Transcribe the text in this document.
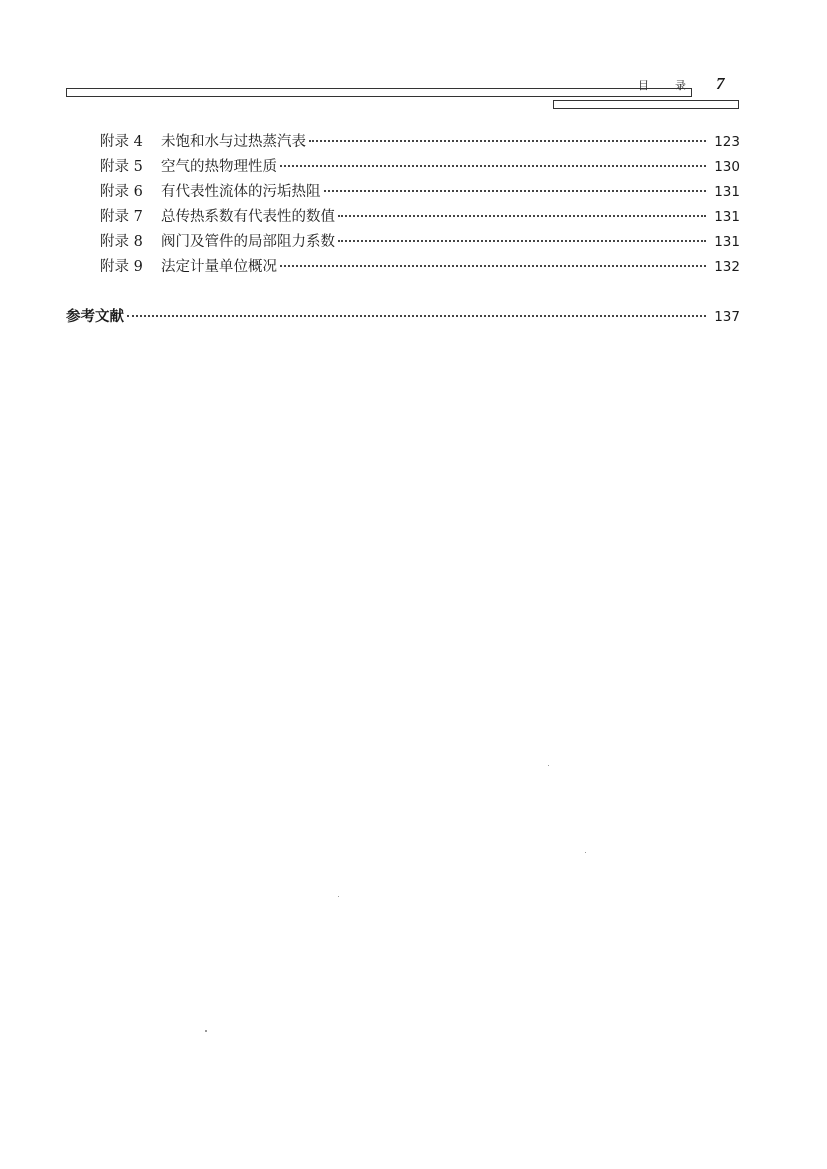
目录 7
附录 4	未饱和水与过热蒸汽表	123
附录 5	空气的热物理性质	130
附录 6	有代表性流体的污垢热阻	131
附录 7	总传热系数有代表性的数值	131
附录 8	阀门及管件的局部阻力系数	131
附录 9	法定计量单位概况	132
参考文献	137
